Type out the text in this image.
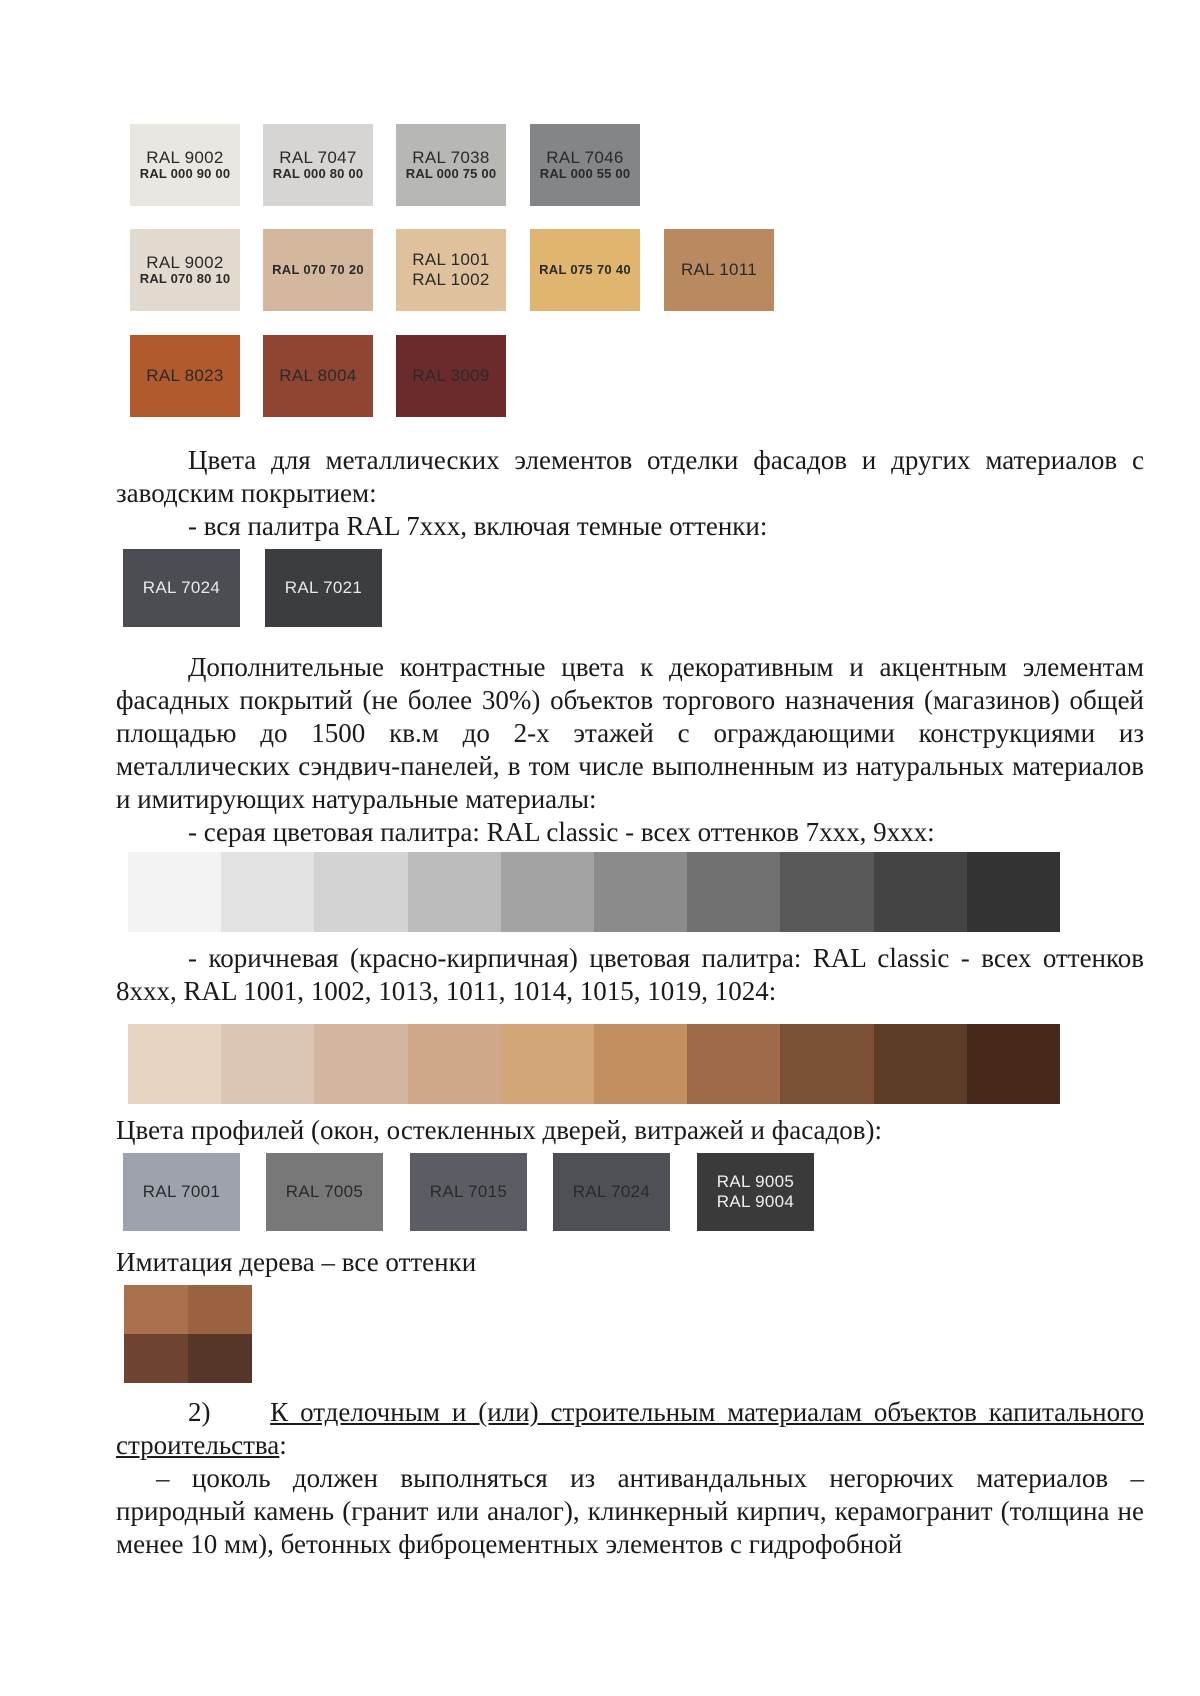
RAL 9002
RAL 000 90 00
RAL 7047
RAL 000 80 00
RAL 7038
RAL 000 75 00
RAL 7046
RAL 000 55 00
RAL 9002
RAL 070 80 10
RAL 070 70 20	RAL 1001
RAL 1002
RAL 075 70 40	RAL 1011
RAL 8023	RAL 8004	RAL 3009

Цвета для металлических элементов отделки фасадов и других материалов с заводским покрытием:

- вся палитра RAL 7xxx, включая темные оттенки:

RAL 7024	RAL 7021

Дополнительные контрастные цвета к декоративным и акцентным элементам фасадных покрытий (не более 30%) объектов торгового назначения (магазинов) общей площадью до 1500 кв.м до 2-х этажей с ограждающими конструкциями из металлических сэндвич-панелей, в том числе выполненным из натуральных материалов и имитирующих натуральные материалы:

- серая цветовая палитра: RAL classic - всех оттенков 7xxx, 9xxx:

- коричневая (красно-кирпичная) цветовая палитра: RAL classic - всех оттенков 8xxx, RAL 1001, 1002, 1013, 1011, 1014, 1015, 1019, 1024:

Цвета профилей (окон, остекленных дверей, витражей и фасадов):

RAL 7001	RAL 7005	RAL 7015	RAL 7024
RAL 9005
RAL 9004

Имитация дерева – все оттенки

2) К отделочным и (или) строительным материалам объектов капитального строительства:

– цоколь должен выполняться из антивандальных негорючих материалов – природный камень (гранит или аналог), клинкерный кирпич, керамогранит (толщина не менее 10 мм), бетонных фиброцементных элементов с гидрофобной
